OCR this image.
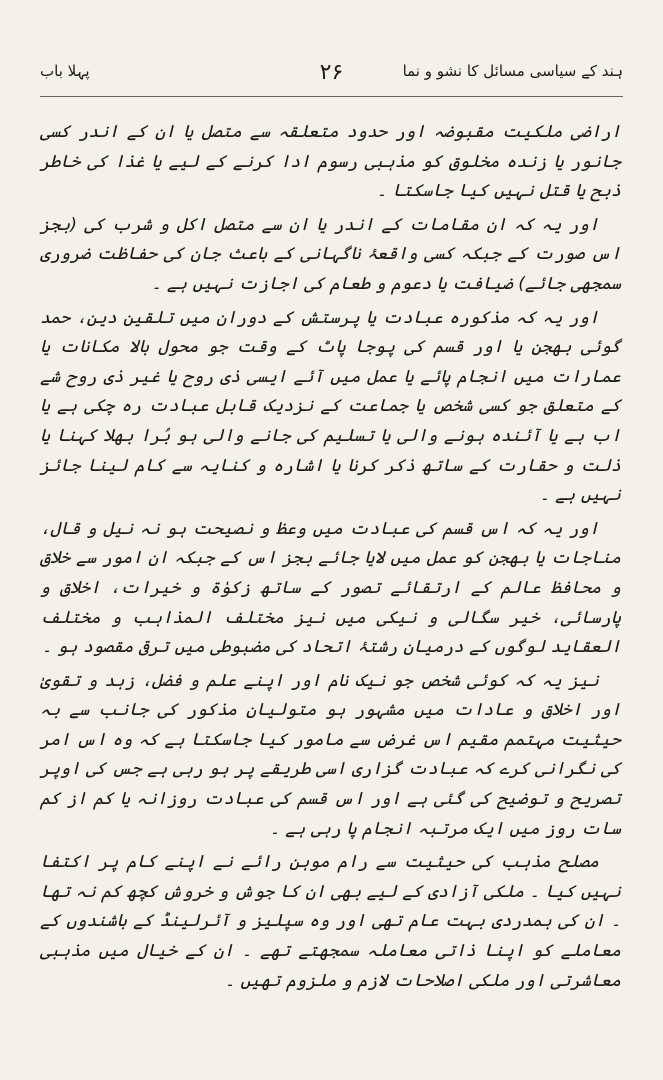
ہند کے سیاسی مسائل کا نشو و نما
۲۶
پہلا باب

اراضی ملکیت مقبوضہ اور حدود متعلقہ سے متصل یا ان کے اندر کسی جانور یا زندہ مخلوق کو مذہبی رسوم ادا کرنے کے لیے یا غذا کی خاطر ذبح یا قتل نہیں کیا جاسکتا ۔

اور یہ کہ ان مقامات کے اندر یا ان سے متصل اکل و شرب کی (بجز اس صورت کے جبکہ کسی واقعۂ ناگہانی کے باعث جان کی حفاظت ضروری سمجھی جائے) ضیافت یا دعوم و طعام کی اجازت نہیں ہے ۔

اور یہ کہ مذکورہ عبادت یا پرستش کے دوران میں تلقین دین، حمد گوئی بھجن یا اور قسم کی پوجا پاٹ کے وقت جو محول بالا مکانات یا عمارات میں انجام پائے یا عمل میں آئے ایسی ذی روح یا غیر ذی روح شے کے متعلق جو کسی شخص یا جماعت کے نزدیک قابل عبادت رہ چکی ہے یا اب ہے یا آئندہ ہونے والی یا تسلیم کی جانے والی ہو بُرا بھلا کہنا یا ذلت و حقارت کے ساتھ ذکر کرنا یا اشارہ و کنایہ سے کام لینا جائز نہیں ہے ۔

اور یہ کہ اس قسم کی عبادت میں وعظ و نصیحت ہو نہ نیل و قال، مناجات یا بھجن کو عمل میں لایا جائے بجز اس کے جبکہ ان امور سے خلاق و محافظ عالم کے ارتقائے تصور کے ساتھ زکوٰۃ و خیرات، اخلاق و پارسائی، خیر سگالی و نیکی میں نیز مختلف المذاہب و مختلف العقاید لوگوں کے درمیان رشتۂ اتحاد کی مضبوطی میں ترقی مقصود ہو ۔

نیز یہ کہ کوئی شخص جو نیک نام اور اپنے علم و فضل، زہد و تقویٰ اور اخلاق و عادات میں مشہور ہو متولیان مذکور کی جانب سے بہ حیثیت مہتمم مقیم اس غرض سے مامور کیا جاسکتا ہے کہ وہ اس امر کی نگرانی کرے کہ عبادت گزاری اسی طریقے پر ہو رہی ہے جس کی اوپر تصریح و توضیح کی گئی ہے اور اس قسم کی عبادت روزانہ یا کم از کم سات روز میں ایک مرتبہ انجام پا رہی ہے ۔

مصلح مذہب کی حیثیت سے رام موہن رائے نے اپنے کام پر اکتفا نہیں کیا ۔ ملکی آزادی کے لیے بھی ان کا جوش و خروش کچھ کم نہ تھا ۔ ان کی ہمدردی بہت عام تھی اور وہ سپلیز و آئرلینڈ کے باشندوں کے معاملے کو اپنا ذاتی معاملہ سمجھتے تھے ۔ ان کے خیال میں مذہبی معاشرتی اور ملکی اصلاحات لازم و ملزوم تھیں ۔
